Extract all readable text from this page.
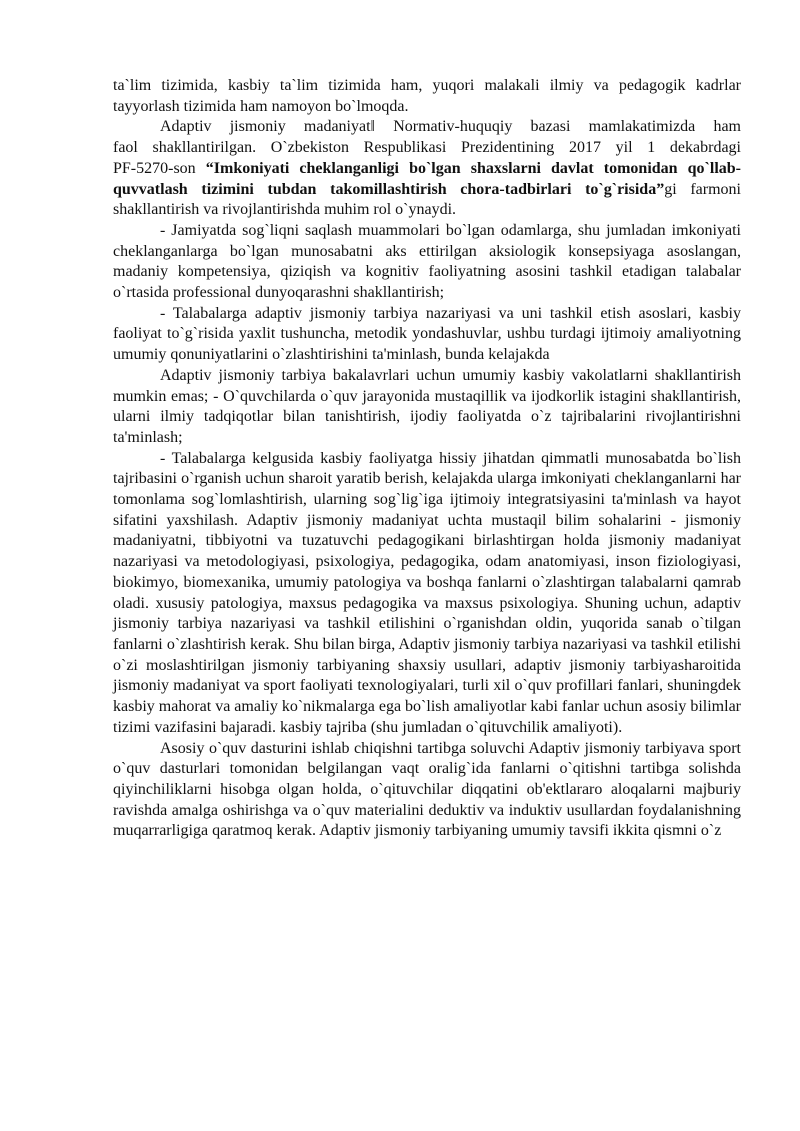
ta`lim tizimida, kasbiy ta`lim tizimida ham, yuqori malakali ilmiy va pedagogik kadrlar tayyorlash tizimida ham namoyon bo`lmoqda.

Adaptiv jismoniy madaniyat‖ Normativ-huquqiy bazasi mamlakatimizda ham

faol shakllantirilgan. O`zbekiston Respublikasi Prezidentining 2017 yil 1 dekabrdagi

PF-5270-son “Imkoniyati cheklanganligi bo`lgan shaxslarni davlat tomonidan qo`llab-quvvatlash tizimini tubdan takomillashtirish chora-tadbirlari to`g`risida”gi farmoni shakllantirish va rivojlantirishda muhim rol o`ynaydi.

- Jamiyatda sog`liqni saqlash muammolari bo`lgan odamlarga, shu jumladan imkoniyati cheklanganlarga bo`lgan munosabatni aks ettirilgan aksiologik konsepsiyaga asoslangan, madaniy kompetensiya, qiziqish va kognitiv faoliyatning asosini tashkil etadigan talabalar o`rtasida professional dunyoqarashni shakllantirish;

- Talabalarga adaptiv jismoniy tarbiya nazariyasi va uni tashkil etish asoslari, kasbiy faoliyat to`g`risida yaxlit tushuncha, metodik yondashuvlar, ushbu turdagi ijtimoiy amaliyotning umumiy qonuniyatlarini o`zlashtirishini ta'minlash, bunda kelajakda

Adaptiv jismoniy tarbiya bakalavrlari uchun umumiy kasbiy vakolatlarni shakllantirish mumkin emas; - O`quvchilarda o`quv jarayonida mustaqillik va ijodkorlik istagini shakllantirish, ularni ilmiy tadqiqotlar bilan tanishtirish, ijodiy faoliyatda o`z tajribalarini rivojlantirishni ta'minlash;

- Talabalarga kelgusida kasbiy faoliyatga hissiy jihatdan qimmatli munosabatda bo`lish tajribasini o`rganish uchun sharoit yaratib berish, kelajakda ularga imkoniyati cheklanganlarni har tomonlama sog`lomlashtirish, ularning sog`lig`iga ijtimoiy integratsiyasini ta'minlash va hayot sifatini yaxshilash. Adaptiv jismoniy madaniyat uchta mustaqil bilim sohalarini - jismoniy madaniyatni, tibbiyotni va tuzatuvchi pedagogikani birlashtirgan holda jismoniy madaniyat nazariyasi va metodologiyasi, psixologiya, pedagogika, odam anatomiyasi, inson fiziologiyasi, biokimyo, biomexanika, umumiy patologiya va boshqa fanlarni o`zlashtirgan talabalarni qamrab oladi. xususiy patologiya, maxsus pedagogika va maxsus psixologiya. Shuning uchun, adaptiv jismoniy tarbiya nazariyasi va tashkil etilishini o`rganishdan oldin, yuqorida sanab o`tilgan fanlarni o`zlashtirish kerak. Shu bilan birga, Adaptiv jismoniy tarbiya nazariyasi va tashkil etilishi o`zi moslashtirilgan jismoniy tarbiyaning shaxsiy usullari, adaptiv jismoniy tarbiyasharoitida jismoniy madaniyat va sport faoliyati texnologiyalari, turli xil o`quv profillari fanlari, shuningdek kasbiy mahorat va amaliy ko`nikmalarga ega bo`lish amaliyotlar kabi fanlar uchun asosiy bilimlar tizimi vazifasini bajaradi. kasbiy tajriba (shu jumladan o`qituvchilik amaliyoti).

Asosiy o`quv dasturini ishlab chiqishni tartibga soluvchi Adaptiv jismoniy tarbiyava sport o`quv dasturlari tomonidan belgilangan vaqt oralig`ida fanlarni o`qitishni tartibga solishda qiyinchiliklarni hisobga olgan holda, o`qituvchilar diqqatini ob'ektlararo aloqalarni majburiy ravishda amalga oshirishga va o`quv materialini deduktiv va induktiv usullardan foydalanishning muqarrarligiga qaratmoq kerak. Adaptiv jismoniy tarbiyaning umumiy tavsifi ikkita qismni o`z
